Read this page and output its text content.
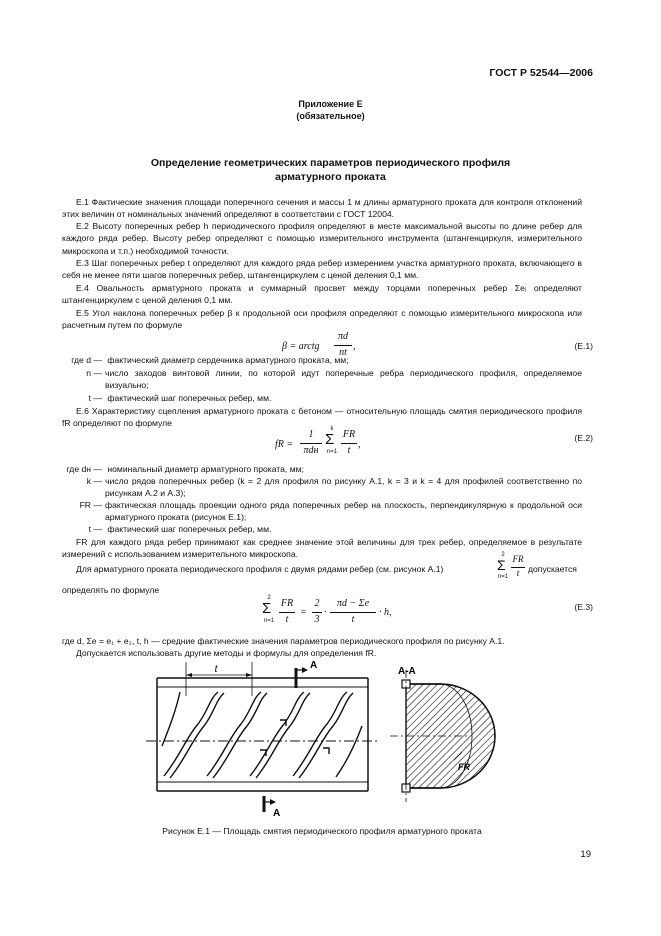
ГОСТ Р 52544—2006
Приложение Е
(обязательное)
Определение геометрических параметров периодического профиля
арматурного проката
Е.1 Фактические значения площади поперечного сечения и массы 1 м длины арматурного проката для контроля отклонений этих величин от номинальных значений определяют в соответствии с ГОСТ 12004.
Е.2 Высоту поперечных ребер h периодического профиля определяют в месте максимальной высоты по длине ребер для каждого ряда ребер. Высоту ребер определяют с помощью измерительного инструмента (штангенциркуля, измерительного микроскопа и т.п.) необходимой точности.
Е.3 Шаг поперечных ребер t определяют для каждого ряда ребер измерением участка арматурного проката, включающего в себя не менее пяти шагов поперечных ребер, штангенциркулем с ценой деления 0,1 мм.
Е.4 Овальность арматурного проката и суммарный просвет между торцами поперечных ребер Σeᵢ определяют штангенциркулем с ценой деления 0,1 мм.
Е.5 Угол наклона поперечных ребер β к продольной оси профиля определяют с помощью измерительного микроскопа или расчетным путем по формуле
β = arctg
πd
nt
,	(Е.1)
где d — фактический диаметр сердечника арматурного проката, мм;
n — число заходов винтовой линии, по которой идут поперечные ребра периодического профиля, определяемое визуально;
t — фактический шаг поперечных ребер, мм.
Е.6 Характеристику сцепления арматурного проката с бетоном — относительную площадь смятия периодического профиля fR определяют по формуле
fR =
1
πdн
k
Σ
n=1
FR
t
,
(Е.2)
где dн — номинальный диаметр арматурного проката, мм;
k — число рядов поперечных ребер (k = 2 для профиля по рисунку А.1, k = 3 и k = 4 для профилей соответственно по рисункам А.2 и А.3);
FR — фактическая площадь проекции одного ряда поперечных ребер на плоскость, перпендикулярную к продольной оси арматурного проката (рисунок Е.1);
t — фактический шаг поперечных ребер, мм.
FR для каждого ряда ребер принимают как среднее значение этой величины для трех ребер, определяемое в результате измерений с использованием измерительного микроскопа.
Для арматурного проката периодического профиля с двумя рядами ребер (см. рисунок А.1)
2
Σ
n=1
FR
t	допускается
определять по формуле
2
Σ
n=1
FR
t
=
2
3
·
πd − Σe
t
· h,	(Е.3)
где d, Σe = e₁ + e₂, t, h — средние фактические значения параметров периодического профиля по рисунку А.1.
Допускается использовать другие методы и формулы для определения fR.
t	A
A
А-А
FR
Рисунок Е.1 — Площадь смятия периодического профиля арматурного проката
19
